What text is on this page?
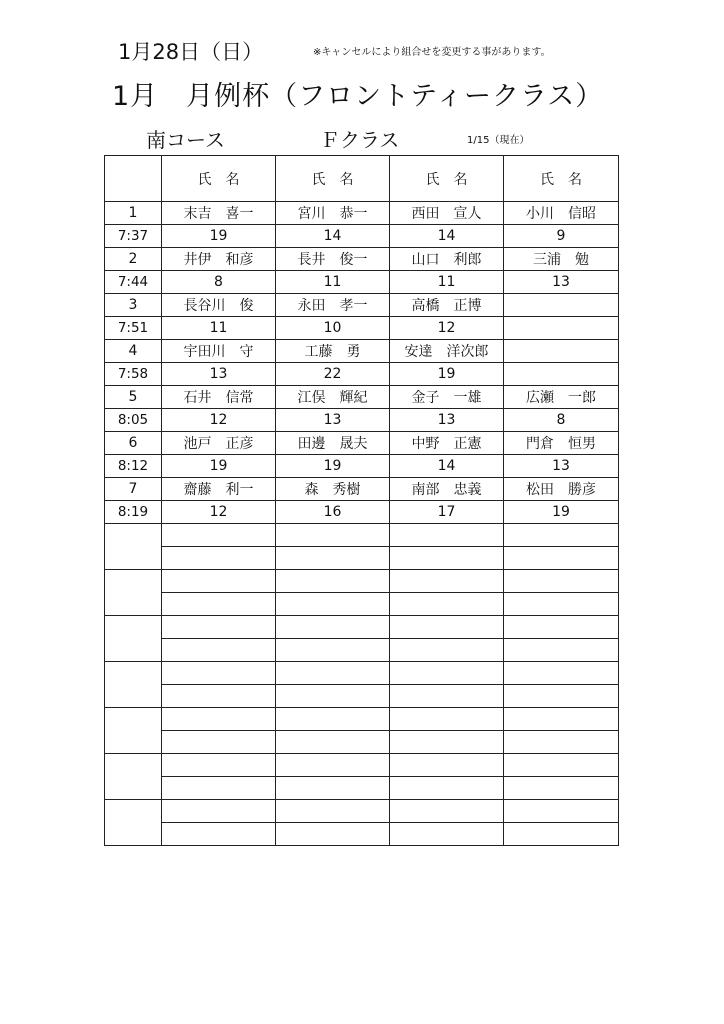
1月28日（日）	※キャンセルにより組合せを変更する事があります。
1月　月例杯（フロントティークラス）
南コース	Ｆクラス	1/15（現在）
	氏　名	氏　名	氏　名	氏　名
1	末吉　喜一	宮川　恭一	西田　宣人	小川　信昭
7:37	19	14	14	9
2	井伊　和彦	長井　俊一	山口　利郎	三浦　勉
7:44	8	11	11	13
3	長谷川　俊	永田　孝一	高橋　正博	
7:51	11	10	12	
4	宇田川　守	工藤　勇	安達　洋次郎	
7:58	13	22	19	
5	石井　信常	江俣　輝紀	金子　一雄	広瀬　一郎
8:05	12	13	13	8
6	池戸　正彦	田邊　晟夫	中野　正憲	門倉　恒男
8:12	19	19	14	13
7	齋藤　利一	森　秀樹	南部　忠義	松田　勝彦
8:19	12	16	17	19
